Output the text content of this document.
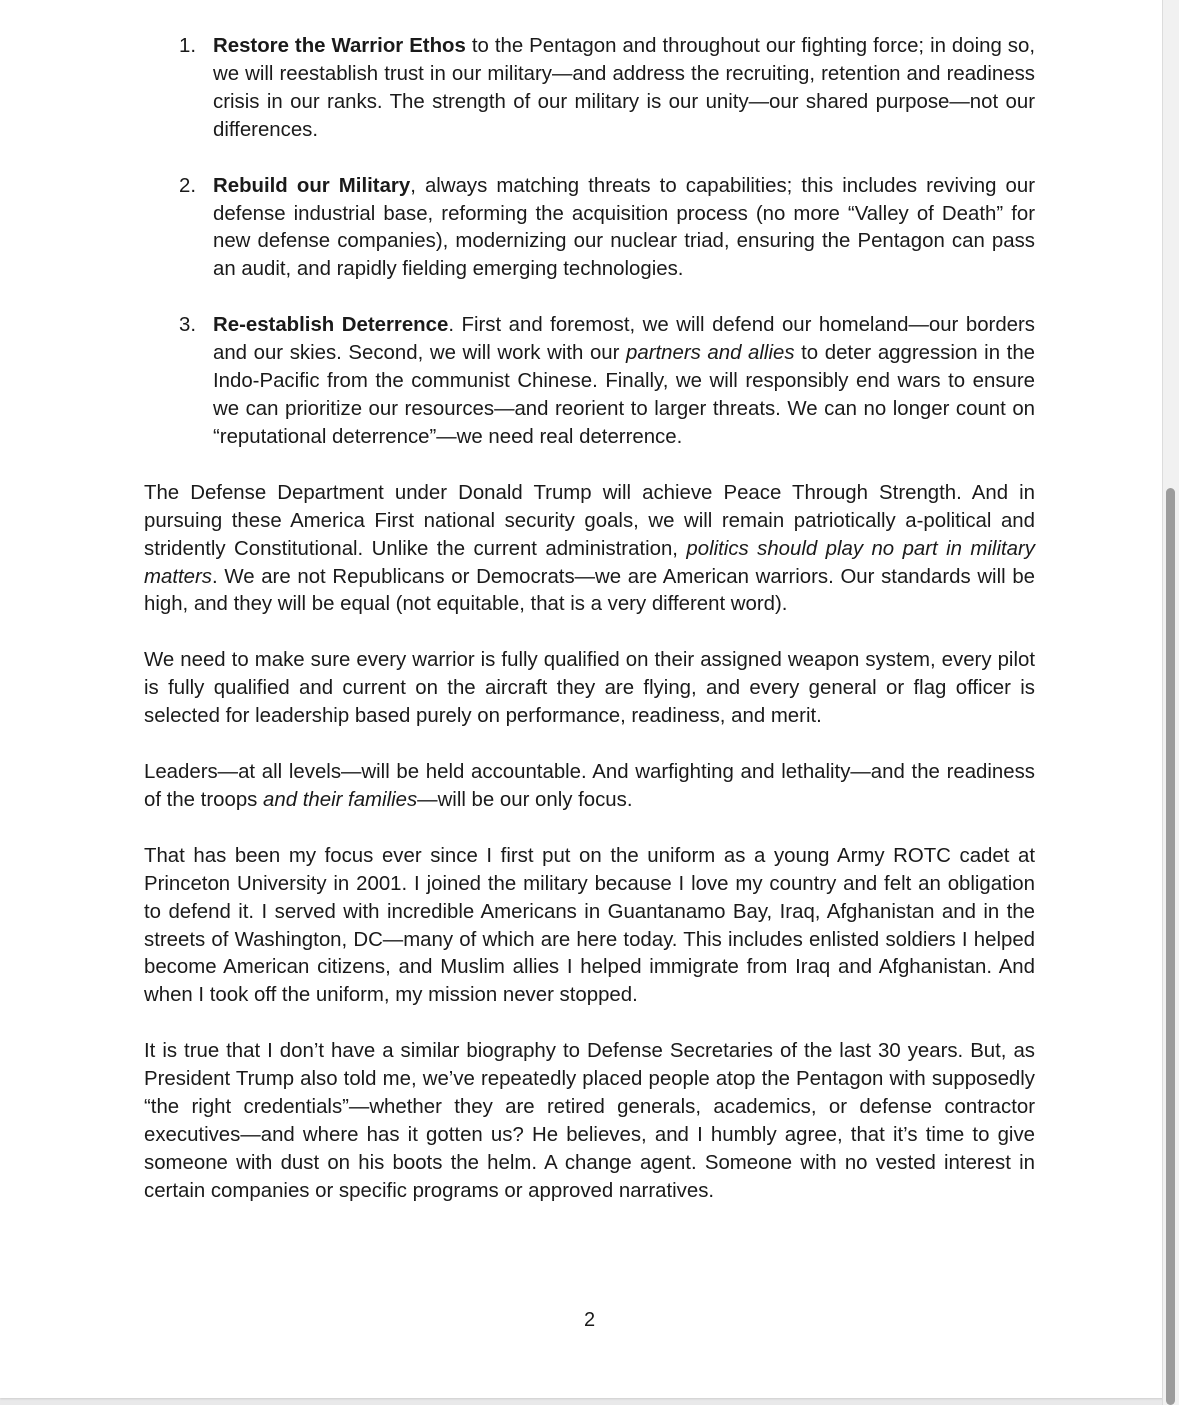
1. Restore the Warrior Ethos to the Pentagon and throughout our fighting force; in doing so, we will reestablish trust in our military—and address the recruiting, retention and readiness crisis in our ranks. The strength of our military is our unity—our shared purpose—not our differences.
2. Rebuild our Military, always matching threats to capabilities; this includes reviving our defense industrial base, reforming the acquisition process (no more “Valley of Death” for new defense companies), modernizing our nuclear triad, ensuring the Pentagon can pass an audit, and rapidly fielding emerging technologies.
3. Re-establish Deterrence. First and foremost, we will defend our homeland—our borders and our skies. Second, we will work with our partners and allies to deter aggression in the Indo-Pacific from the communist Chinese. Finally, we will responsibly end wars to ensure we can prioritize our resources—and reorient to larger threats. We can no longer count on “reputational deterrence”—we need real deterrence.

The Defense Department under Donald Trump will achieve Peace Through Strength. And in pursuing these America First national security goals, we will remain patriotically a-political and stridently Constitutional. Unlike the current administration, politics should play no part in military matters. We are not Republicans or Democrats—we are American warriors. Our standards will be high, and they will be equal (not equitable, that is a very different word).

We need to make sure every warrior is fully qualified on their assigned weapon system, every pilot is fully qualified and current on the aircraft they are flying, and every general or flag officer is selected for leadership based purely on performance, readiness, and merit.

Leaders—at all levels—will be held accountable. And warfighting and lethality—and the readiness of the troops and their families—will be our only focus.

That has been my focus ever since I first put on the uniform as a young Army ROTC cadet at Princeton University in 2001. I joined the military because I love my country and felt an obligation to defend it. I served with incredible Americans in Guantanamo Bay, Iraq, Afghanistan and in the streets of Washington, DC—many of which are here today. This includes enlisted soldiers I helped become American citizens, and Muslim allies I helped immigrate from Iraq and Afghanistan. And when I took off the uniform, my mission never stopped.

It is true that I don’t have a similar biography to Defense Secretaries of the last 30 years. But, as President Trump also told me, we’ve repeatedly placed people atop the Pentagon with supposedly “the right credentials”—whether they are retired generals, academics, or defense contractor executives—and where has it gotten us? He believes, and I humbly agree, that it’s time to give someone with dust on his boots the helm. A change agent. Someone with no vested interest in certain companies or specific programs or approved narratives.

2
